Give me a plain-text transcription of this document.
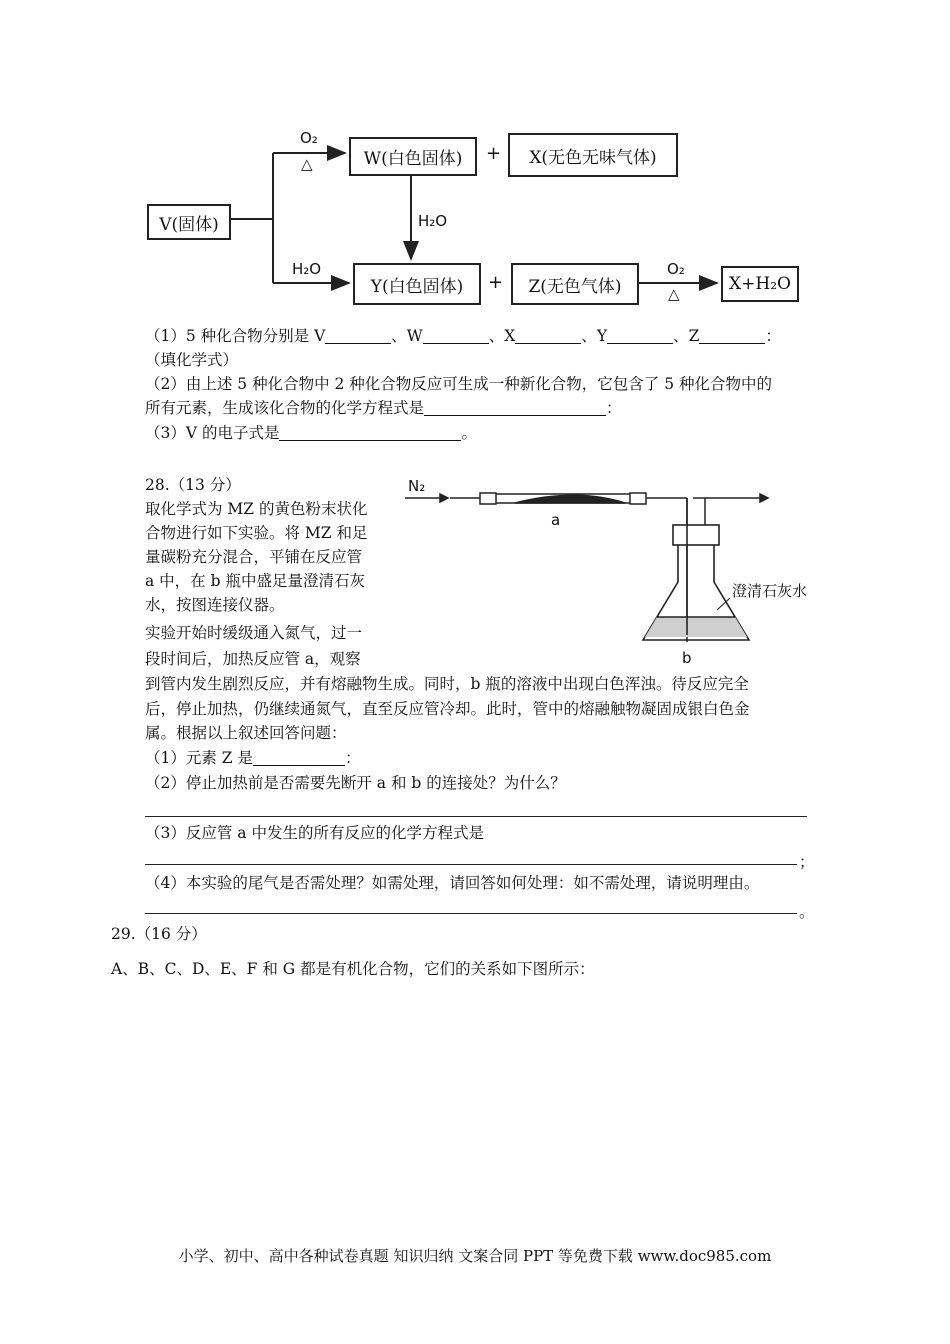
V(固体)
W(白色固体)	X(无色无味气体)
Y(白色固体)	Z(无色气体)	X+H₂O
O₂
△
H₂O
H₂O	O₂
△
+
+
（1）5 种化合物分别是 V	、W	、X	、Y	、Z	：
（填化学式）
（2）由上述 5 种化合物中 2 种化合物反应可生成一种新化合物，它包含了 5 种化合物中的
所有元素，生成该化合物的化学方程式是	：
（3）V 的电子式是	。
28.（13 分）
取化学式为 MZ 的黄色粉末状化
合物进行如下实验。将 MZ 和足
量碳粉充分混合，平铺在反应管
a 中，在 b 瓶中盛足量澄清石灰
水，按图连接仪器。
实验开始时缓级通入氮气，过一
段时间后，加热反应管 a，观察
到管内发生剧烈反应，并有熔融物生成。同时，b 瓶的溶液中出现白色浑浊。待反应完全
后，停止加热，仍继续通氮气，直至反应管冷却。此时，管中的熔融触物凝固成银白色金
属。根据以上叙述回答问题：
（1）元素 Z 是	：
（2）停止加热前是否需要先断开 a 和 b 的连接处？为什么？
（3）反应管 a 中发生的所有反应的化学方程式是
；
（4）本实验的尾气是否需处理？如需处理，请回答如何处理：如不需处理，请说明理由。
。
N₂
a
b
澄清石灰水
29.（16 分）
A、B、C、D、E、F 和 G 都是有机化合物，它们的关系如下图所示：
小学、初中、高中各种试卷真题 知识归纳 文案合同 PPT 等免费下载 www.doc985.com
